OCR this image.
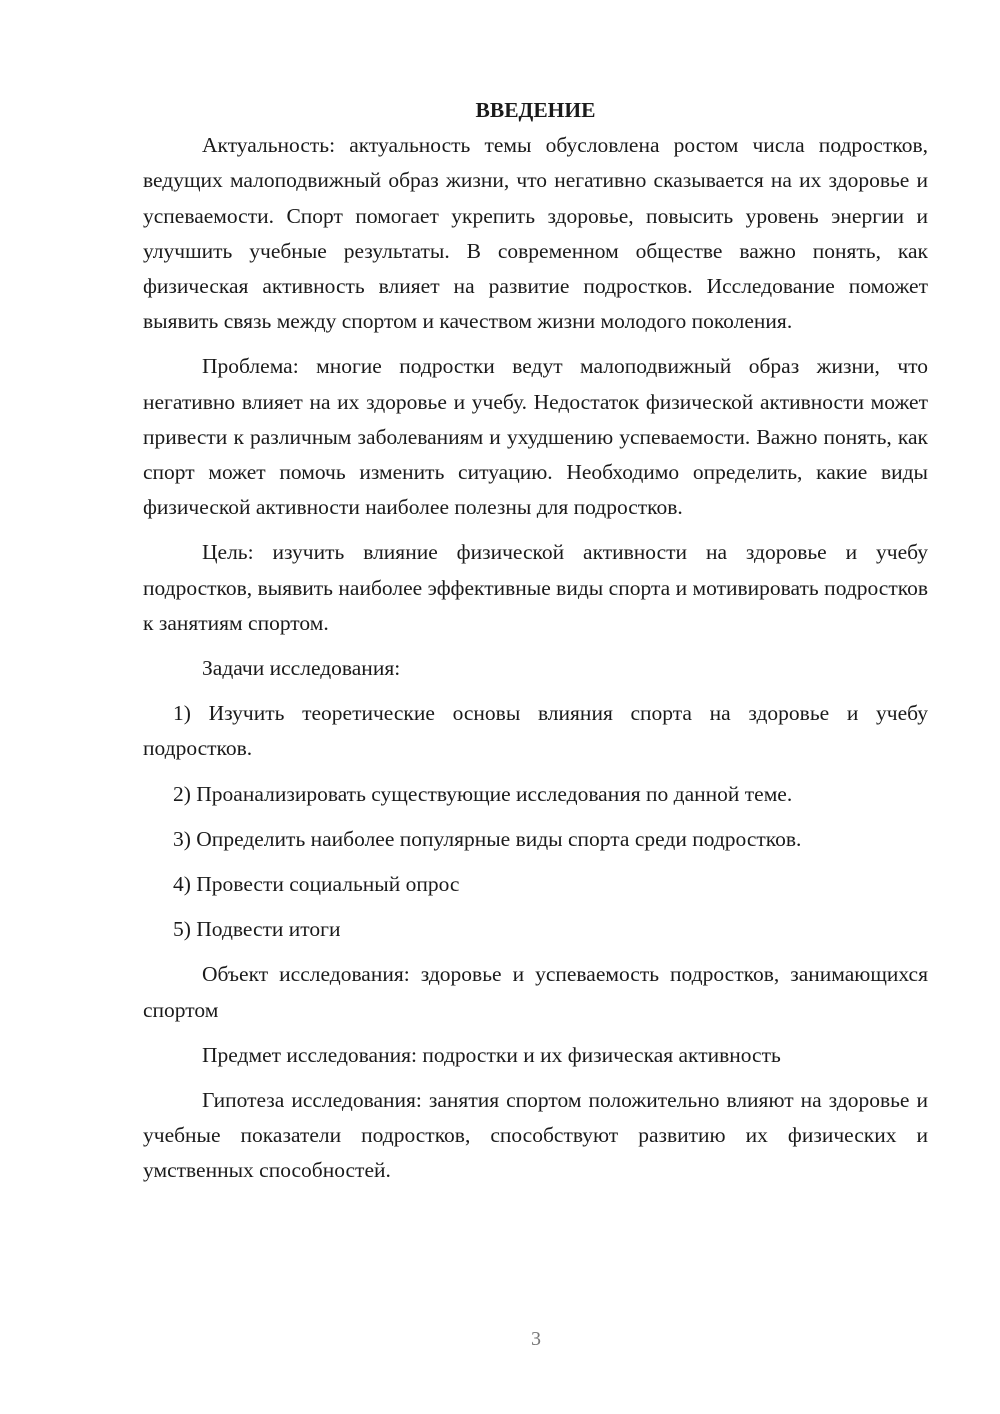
ВВЕДЕНИЕ

Актуальность: актуальность темы обусловлена ростом числа подростков, ведущих малоподвижный образ жизни, что негативно сказывается на их здоровье и успеваемости. Спорт помогает укрепить здоровье, повысить уровень энергии и улучшить учебные результаты. В современном обществе важно понять, как физическая активность влияет на развитие подростков. Исследование поможет выявить связь между спортом и качеством жизни молодого поколения.

Проблема: многие подростки ведут малоподвижный образ жизни, что негативно влияет на их здоровье и учебу. Недостаток физической активности может привести к различным заболеваниям и ухудшению успеваемости. Важно понять, как спорт может помочь изменить ситуацию. Необходимо определить, какие виды физической активности наиболее полезны для подростков.

Цель: изучить влияние физической активности на здоровье и учебу подростков, выявить наиболее эффективные виды спорта и мотивировать подростков к занятиям спортом.

Задачи исследования:

1) Изучить теоретические основы влияния спорта на здоровье и учебу подростков.

2) Проанализировать существующие исследования по данной теме.

3) Определить наиболее популярные виды спорта среди подростков.

4) Провести социальный опрос

5) Подвести итоги

Объект исследования: здоровье и успеваемость подростков, занимающихся спортом

Предмет исследования: подростки и их физическая активность

Гипотеза исследования: занятия спортом положительно влияют на здоровье и учебные показатели подростков, способствуют развитию их физических и умственных способностей.

3
